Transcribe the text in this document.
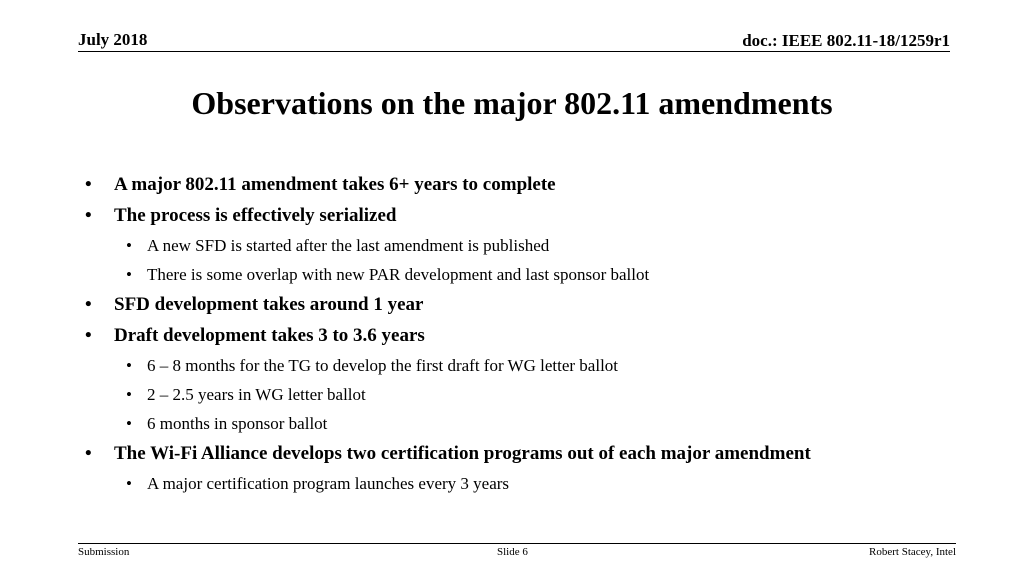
July 2018	doc.: IEEE 802.11-18/1259r1
Observations on the major 802.11 amendments
• A major 802.11 amendment takes 6+ years to complete
• The process is effectively serialized
• A new SFD is started after the last amendment is published
• There is some overlap with new PAR development and last sponsor ballot
• SFD development takes around 1 year
• Draft development takes 3 to 3.6 years
• 6 – 8 months for the TG to develop the first draft for WG letter ballot
• 2 – 2.5 years in WG letter ballot
• 6 months in sponsor ballot
• The Wi-Fi Alliance develops two certification programs out of each major amendment
• A major certification program launches every 3 years
Submission	Slide 6	Robert Stacey, Intel
